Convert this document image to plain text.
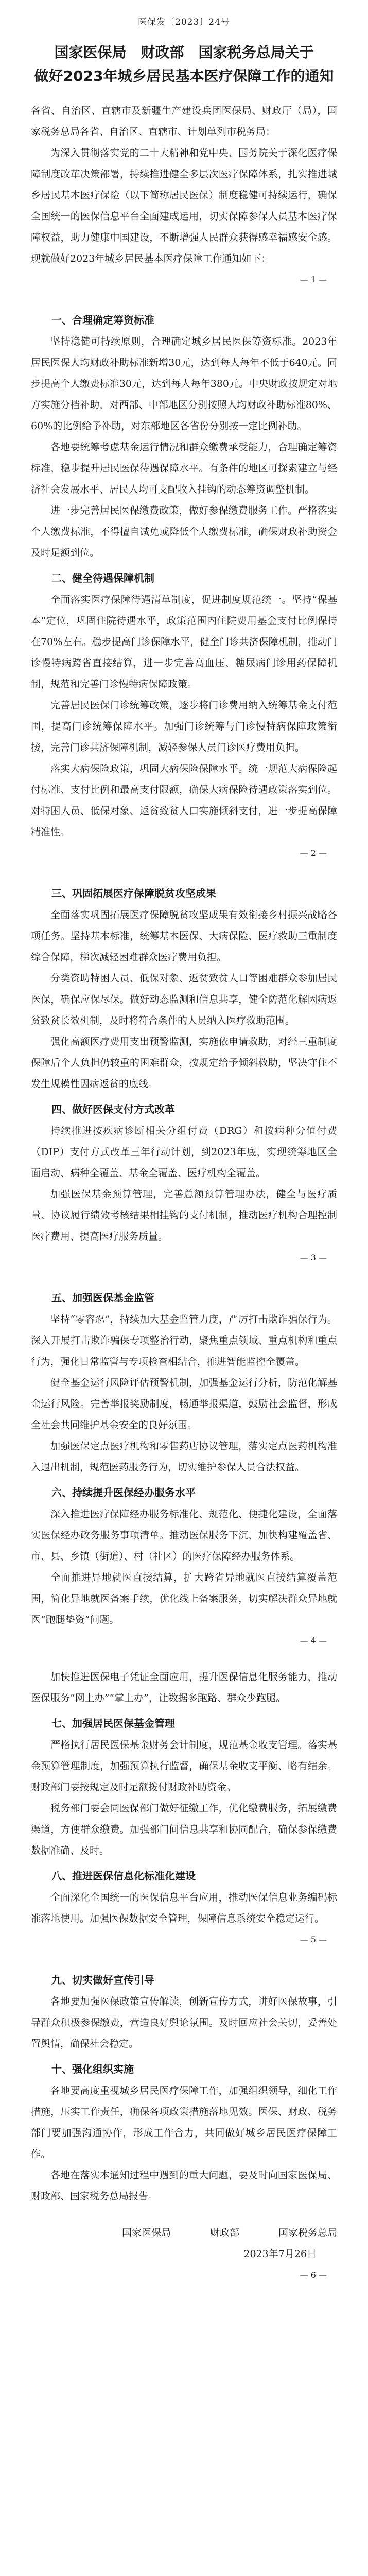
医保发〔2023〕24号

国家医保局　财政部　国家税务总局关于
做好2023年城乡居民基本医疗保障工作的通知

各省、自治区、直辖市及新疆生产建设兵团医保局、财政厅（局），国家税务总局各省、自治区、直辖市、计划单列市税务局：

为深入贯彻落实党的二十大精神和党中央、国务院关于深化医疗保障制度改革决策部署，持续推进健全多层次医疗保障体系，扎实推进城乡居民基本医疗保险（以下简称居民医保）制度稳健可持续运行，确保全国统一的医保信息平台全面建成运用，切实保障参保人员基本医疗保障权益，助力健康中国建设，不断增强人民群众获得感幸福感安全感。现就做好2023年城乡居民基本医疗保障工作通知如下：

— 1 —

一、合理确定筹资标准

坚持稳健可持续原则，合理确定城乡居民医保筹资标准。2023年居民医保人均财政补助标准新增30元，达到每人每年不低于640元。同步提高个人缴费标准30元，达到每人每年380元。中央财政按规定对地方实施分档补助，对西部、中部地区分别按照人均财政补助标准80%、60%的比例给予补助，对东部地区各省份分别按一定比例补助。

各地要统筹考虑基金运行情况和群众缴费承受能力，合理确定筹资标准，稳步提升居民医保待遇保障水平。有条件的地区可探索建立与经济社会发展水平、居民人均可支配收入挂钩的动态筹资调整机制。

进一步完善居民医保缴费政策，做好参保缴费服务工作。严格落实个人缴费标准，不得擅自减免或降低个人缴费标准，确保财政补助资金及时足额到位。

二、健全待遇保障机制

全面落实医疗保障待遇清单制度，促进制度规范统一。坚持“保基本”定位，巩固住院待遇水平，政策范围内住院费用基金支付比例保持在70%左右。稳步提高门诊保障水平，健全门诊共济保障机制，推动门诊慢特病跨省直接结算，进一步完善高血压、糖尿病门诊用药保障机制，规范和完善门诊慢特病保障政策。

完善居民医保门诊统筹政策，逐步将门诊费用纳入统筹基金支付范围，提高门诊统筹保障水平。加强门诊统筹与门诊慢特病保障政策衔接，完善门诊共济保障机制，减轻参保人员门诊医疗费用负担。

落实大病保险政策，巩固大病保险保障水平。统一规范大病保险起付标准、支付比例和最高支付限额，确保大病保险待遇政策落实到位。对特困人员、低保对象、返贫致贫人口实施倾斜支付，进一步提高保障精准性。

— 2 —

三、巩固拓展医疗保障脱贫攻坚成果

全面落实巩固拓展医疗保障脱贫攻坚成果有效衔接乡村振兴战略各项任务。坚持基本标准，统筹基本医保、大病保险、医疗救助三重制度综合保障，梯次减轻困难群众医疗费用负担。

分类资助特困人员、低保对象、返贫致贫人口等困难群众参加居民医保，确保应保尽保。做好动态监测和信息共享，健全防范化解因病返贫致贫长效机制，及时将符合条件的人员纳入医疗救助范围。

强化高额医疗费用支出预警监测，实施依申请救助，对经三重制度保障后个人负担仍较重的困难群众，按规定给予倾斜救助，坚决守住不发生规模性因病返贫的底线。

四、做好医保支付方式改革

持续推进按疾病诊断相关分组付费（DRG）和按病种分值付费（DIP）支付方式改革三年行动计划，到2023年底，实现统筹地区全面启动、病种全覆盖、基金全覆盖、医疗机构全覆盖。

加强医保基金预算管理，完善总额预算管理办法，健全与医疗质量、协议履行绩效考核结果相挂钩的支付机制，推动医疗机构合理控制医疗费用、提高医疗服务质量。

— 3 —

五、加强医保基金监管

坚持“零容忍”，持续加大基金监管力度，严厉打击欺诈骗保行为。深入开展打击欺诈骗保专项整治行动，聚焦重点领域、重点机构和重点行为，强化日常监管与专项检查相结合，推进智能监控全覆盖。

健全基金运行风险评估预警机制，加强基金运行分析，防范化解基金运行风险。完善举报奖励制度，畅通举报渠道，鼓励社会监督，形成全社会共同维护基金安全的良好氛围。

加强医保定点医疗机构和零售药店协议管理，落实定点医药机构准入退出机制，规范医药服务行为，切实维护参保人员合法权益。

六、持续提升医保经办服务水平

深入推进医疗保障经办服务标准化、规范化、便捷化建设，全面落实医保经办政务服务事项清单。推动医保服务下沉，加快构建覆盖省、市、县、乡镇（街道）、村（社区）的医疗保障经办服务体系。

全面推进异地就医直接结算，扩大跨省异地就医直接结算覆盖范围，简化异地就医备案手续，优化线上备案服务，切实解决群众异地就医“跑腿垫资”问题。

— 4 —

加快推进医保电子凭证全面应用，提升医保信息化服务能力，推动医保服务“网上办”“掌上办”，让数据多跑路、群众少跑腿。

七、加强居民医保基金管理

严格执行居民医保基金财务会计制度，规范基金收支管理。落实基金预算管理制度，加强预算执行监督，确保基金收支平衡、略有结余。财政部门要按规定及时足额拨付财政补助资金。

税务部门要会同医保部门做好征缴工作，优化缴费服务，拓展缴费渠道，方便群众缴费。加强部门间信息共享和协同配合，确保参保缴费数据准确、及时。

八、推进医保信息化标准化建设

全面深化全国统一的医保信息平台应用，推动医保信息业务编码标准落地使用。加强医保数据安全管理，保障信息系统安全稳定运行。

— 5 —

九、切实做好宣传引导

各地要加强医保政策宣传解读，创新宣传方式，讲好医保故事，引导群众积极参保缴费，营造良好舆论氛围。及时回应社会关切，妥善处置舆情，确保社会稳定。

十、强化组织实施

各地要高度重视城乡居民医疗保障工作，加强组织领导，细化工作措施，压实工作责任，确保各项政策措施落地见效。医保、财政、税务部门要加强沟通协作，形成工作合力，共同做好城乡居民医疗保障工作。

各地在落实本通知过程中遇到的重大问题，要及时向国家医保局、财政部、国家税务总局报告。

国家医保局　　　　财政部　　　　国家税务总局

2023年7月26日

— 6 —
